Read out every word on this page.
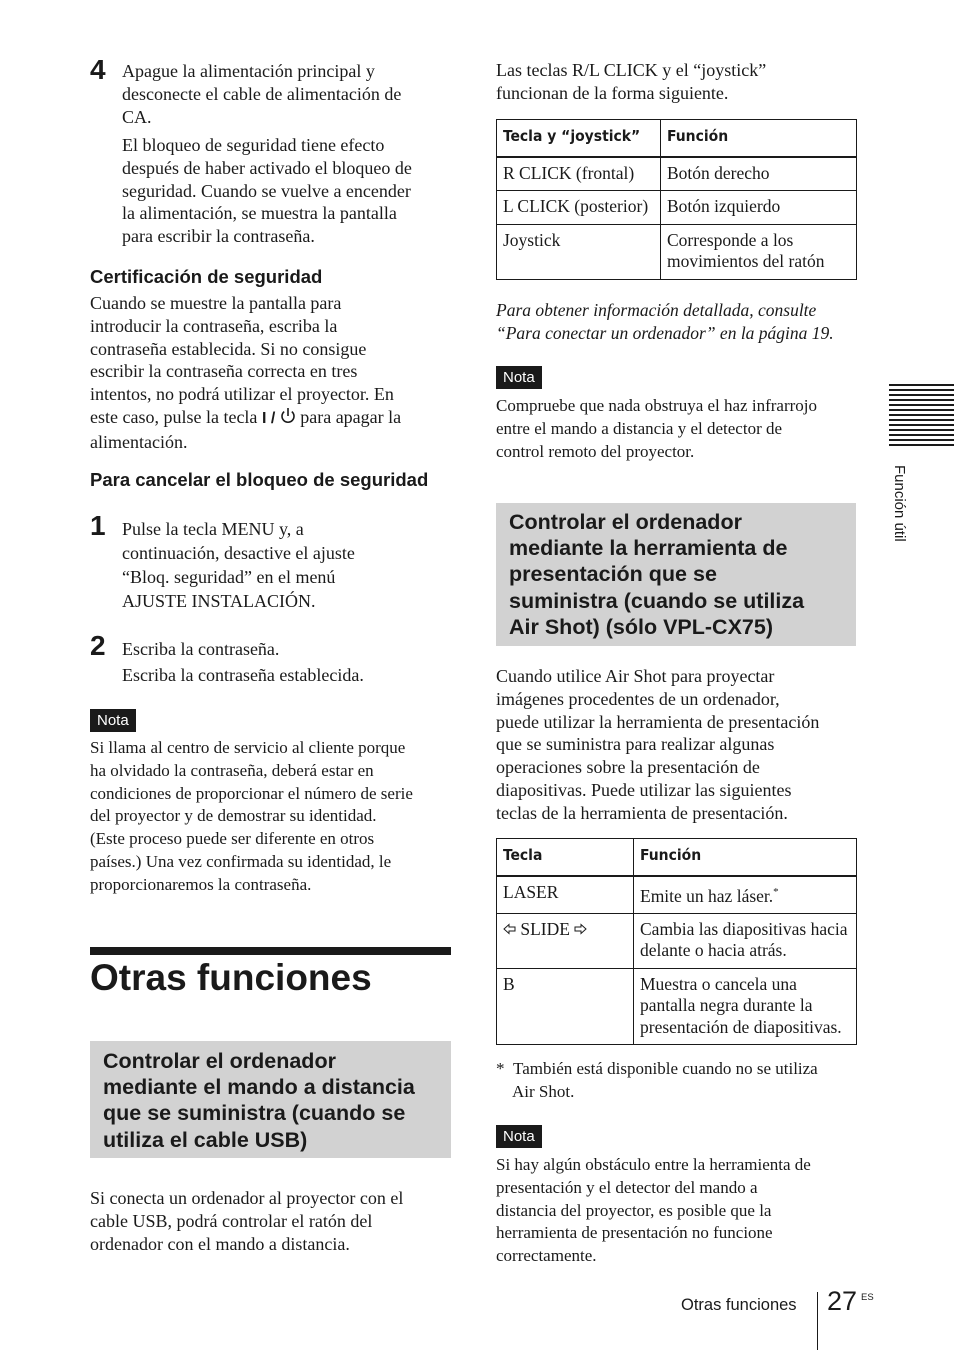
4 Apague la alimentación principal y
desconecte el cable de alimentación de
CA.
El bloqueo de seguridad tiene efecto
después de haber activado el bloqueo de
seguridad. Cuando se vuelve a encender
la alimentación, se muestra la pantalla
para escribir la contraseña.
Certificación de seguridad
Cuando se muestre la pantalla para
introducir la contraseña, escriba la
contraseña establecida. Si no consigue
escribir la contraseña correcta en tres
intentos, no podrá utilizar el proyector. En
este caso, pulse la tecla I /  para apagar la
alimentación.
Para cancelar el bloqueo de seguridad
1 Pulse la tecla MENU y, a
continuación, desactive el ajuste
“Bloq. seguridad” en el menú
AJUSTE INSTALACIÓN.
2 Escriba la contraseña.
Escriba la contraseña establecida.
Nota
Si llama al centro de servicio al cliente porque
ha olvidado la contraseña, deberá estar en
condiciones de proporcionar el número de serie
del proyector y de demostrar su identidad.
(Este proceso puede ser diferente en otros
países.) Una vez confirmada su identidad, le
proporcionaremos la contraseña.
Otras funciones
Controlar el ordenador
mediante el mando a distancia
que se suministra (cuando se
utiliza el cable USB)
Si conecta un ordenador al proyector con el
cable USB, podrá controlar el ratón del
ordenador con el mando a distancia.
Las teclas R/L CLICK y el “joystick”
funcionan de la forma siguiente.
Tecla y “joystick”	Función
R CLICK (frontal)	Botón derecho
L CLICK (posterior)	Botón izquierdo
Joystick	Corresponde a los movimientos del ratón
Para obtener información detallada, consulte
“Para conectar un ordenador” en la página 19.
Nota
Compruebe que nada obstruya el haz infrarrojo
entre el mando a distancia y el detector de
control remoto del proyector.
Controlar el ordenador
mediante la herramienta de
presentación que se
suministra (cuando se utiliza
Air Shot) (sólo VPL-CX75)
Cuando utilice Air Shot para proyectar
imágenes procedentes de un ordenador,
puede utilizar la herramienta de presentación
que se suministra para realizar algunas
operaciones sobre la presentación de
diapositivas. Puede utilizar las siguientes
teclas de la herramienta de presentación.
Tecla	Función
LASER	Emite un haz láser.*
SLIDE	Cambia las diapositivas hacia delante o hacia atrás.
B	Muestra o cancela una pantalla negra durante la presentación de diapositivas.
* También está disponible cuando no se utiliza
Air Shot.
Nota
Si hay algún obstáculo entre la herramienta de
presentación y el detector del mando a
distancia del proyector, es posible que la
herramienta de presentación no funcione
correctamente.
Función útil
Otras funciones 27 ES
